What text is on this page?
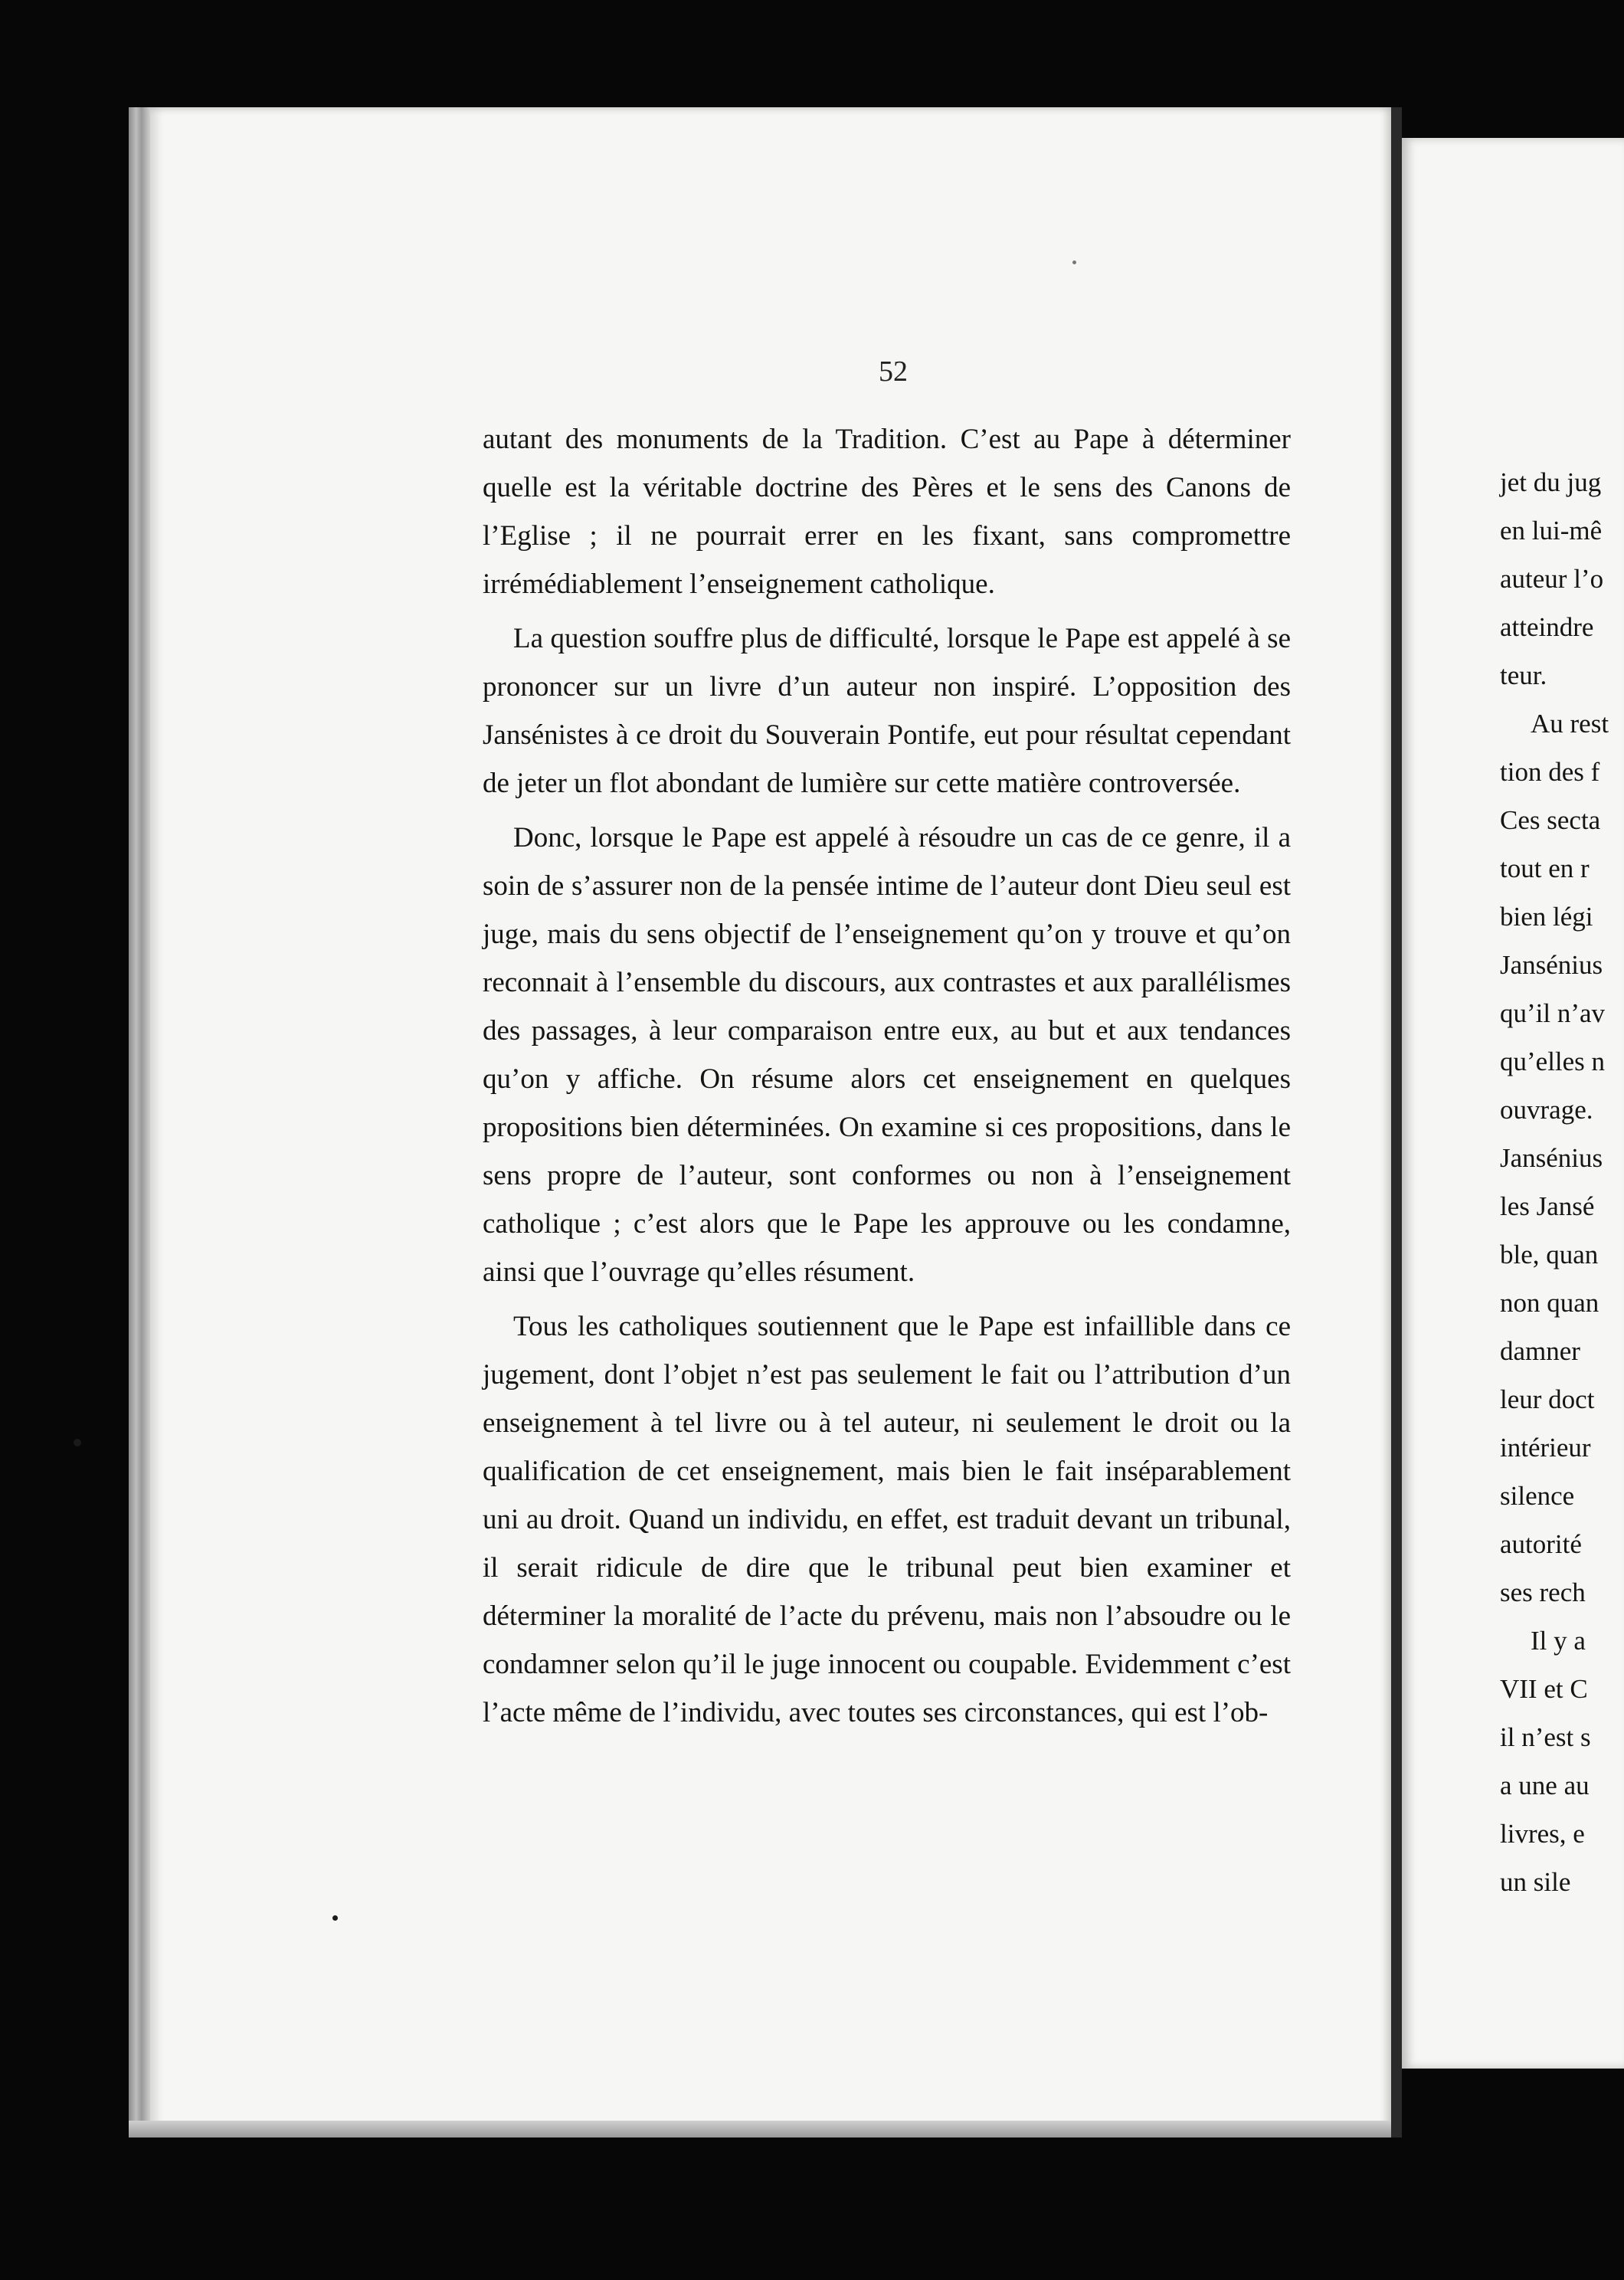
52

autant des monuments de la Tradition. C’est au Pape à déterminer quelle est la véritable doctrine des Pères et le sens des Canons de l’Eglise ; il ne pourrait errer en les fixant, sans compromettre irrémédiablement l’enseignement catholique.

La question souffre plus de difficulté, lorsque le Pape est appelé à se prononcer sur un livre d’un auteur non inspiré. L’opposition des Jansénistes à ce droit du Souverain Pontife, eut pour résultat cependant de jeter un flot abondant de lumière sur cette matière controversée.

Donc, lorsque le Pape est appelé à résoudre un cas de ce genre, il a soin de s’assurer non de la pensée intime de l’auteur dont Dieu seul est juge, mais du sens objectif de l’enseignement qu’on y trouve et qu’on reconnait à l’ensemble du discours, aux contrastes et aux parallélismes des passages, à leur comparaison entre eux, au but et aux tendances qu’on y affiche. On résume alors cet enseignement en quelques propositions bien déterminées. On examine si ces propositions, dans le sens propre de l’auteur, sont conformes ou non à l’enseignement catholique ; c’est alors que le Pape les approuve ou les condamne, ainsi que l’ouvrage qu’elles résument.

Tous les catholiques soutiennent que le Pape est infaillible dans ce jugement, dont l’objet n’est pas seulement le fait ou l’attribution d’un enseignement à tel livre ou à tel auteur, ni seulement le droit ou la qualification de cet enseignement, mais bien le fait inséparablement uni au droit. Quand un individu, en effet, est traduit devant un tribunal, il serait ridicule de dire que le tribunal peut bien examiner et déterminer la moralité de l’acte du prévenu, mais non l’absoudre ou le condamner selon qu’il le juge innocent ou coupable. Evidemment c’est l’acte même de l’individu, avec toutes ses circonstances, qui est l’ob-

jet du jug
en lui-mê
auteur l’o
atteindre
teur.
Au rest
tion des f
Ces secta
tout en r
bien légi
Jansénius
qu’il n’av
qu’elles n
ouvrage.
Jansénius
les Jansé
ble, quan
non quan
damner
leur doct
intérieur
silence
autorité
ses rech
Il y a
VII et C
il n’est s
a une au
livres, e
un sile
